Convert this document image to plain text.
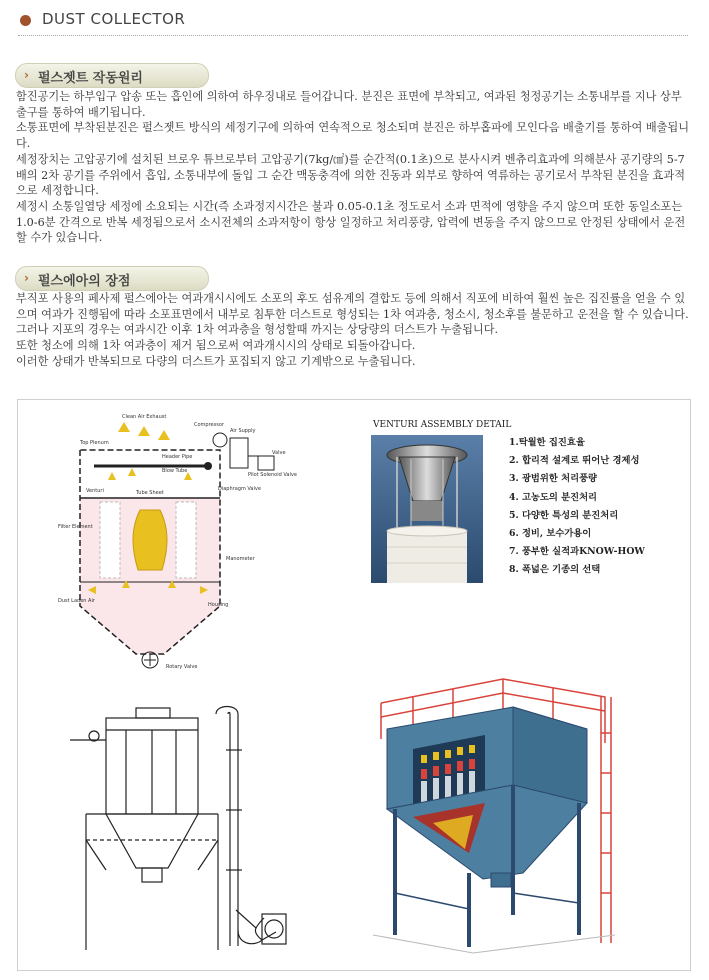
DUST COLLECTOR
› 펄스젯트 작동원리

함진공기는 하부입구 압송 또는 흡인에 의하여 하우징내로 들어갑니다. 분진은 표면에 부착되고, 여과된 청정공기는 소통내부를 지나 상부출구를 통하여 배기됩니다.

소통표면에 부착된분진은 펄스젯트 방식의 세정기구에 의하여 연속적으로 청소되며 분진은 하부홉파에 모인다음 배출기를 통하여 배출됩니다.

세정장치는 고압공기에 설치된 브로우 튜브로부터 고압공기(7kg/㎠)를 순간적(0.1초)으로 분사시켜 벤츄리효과에 의해분사 공기량의 5-7배의 2차 공기를 주위에서 흡입, 소통내부에 돌입 그 순간 맥동충격에 의한 진동과 외부로 향하여 역류하는 공기로서 부착된 분진을 효과적으로 세정합니다.

세정시 소통일열당 세정에 소요되는 시간(즉 소과정지시간은 불과 0.05-0.1초 정도로서 소과 면적에 영향을 주지 않으며 또한 동일소포는 1.0-6분 간격으로 반복 세정됨으로서 소시전체의 소과저항이 항상 일정하고 처리풍량, 압력에 변동을 주지 않으므로 안정된 상태에서 운전할 수가 있습니다.

› 펄스에아의 장점

부직포 사용의 페사제 펄스에아는 여과개시시에도 소포의 후도 섬유계의 결합도 등에 의해서 직포에 비하여 훨씬 높은 집진률을 얻을 수 있으며 여과가 진행됨에 따라 소포표면에서 내부로 침투한 더스트로 형성되는 1차 여과층, 청소시, 청소후를 불문하고 운전을 할 수 있습니다.

그러나 지포의 경우는 여과시간 이후 1차 여과층을 형성할때 까지는 상당량의 더스트가 누출됩니다.

또한 청소에 의해 1차 여과층이 제거 됨으로써 여과개시시의 상태로 되돌아갑니다.

이러한 상태가 반복되므로 다량의 더스트가 포집되지 않고 기계밖으로 누출됩니다.

Clean Air Exhaust
Top Plenum
Compressor
Air Supply
Header Pipe
Blow Tube
Valve
Pilot Solenoid Valve
Diaphragm Valve
Venturi	Tube Sheet
Filter Element
Manometer
Housing
Dust Laden Air
Rotary Valve
VENTURI ASSEMBLY DETAIL
1.탁월한 집진효율
2. 합리적 설계로 뛰어난 경제성
3. 광범위한 처리풍량
4. 고농도의 분진처리
5. 다양한 특성의 분진처리
6. 정비, 보수가용이
7. 풍부한 실적과KNOW-HOW
8. 폭넓은 기종의 선택
